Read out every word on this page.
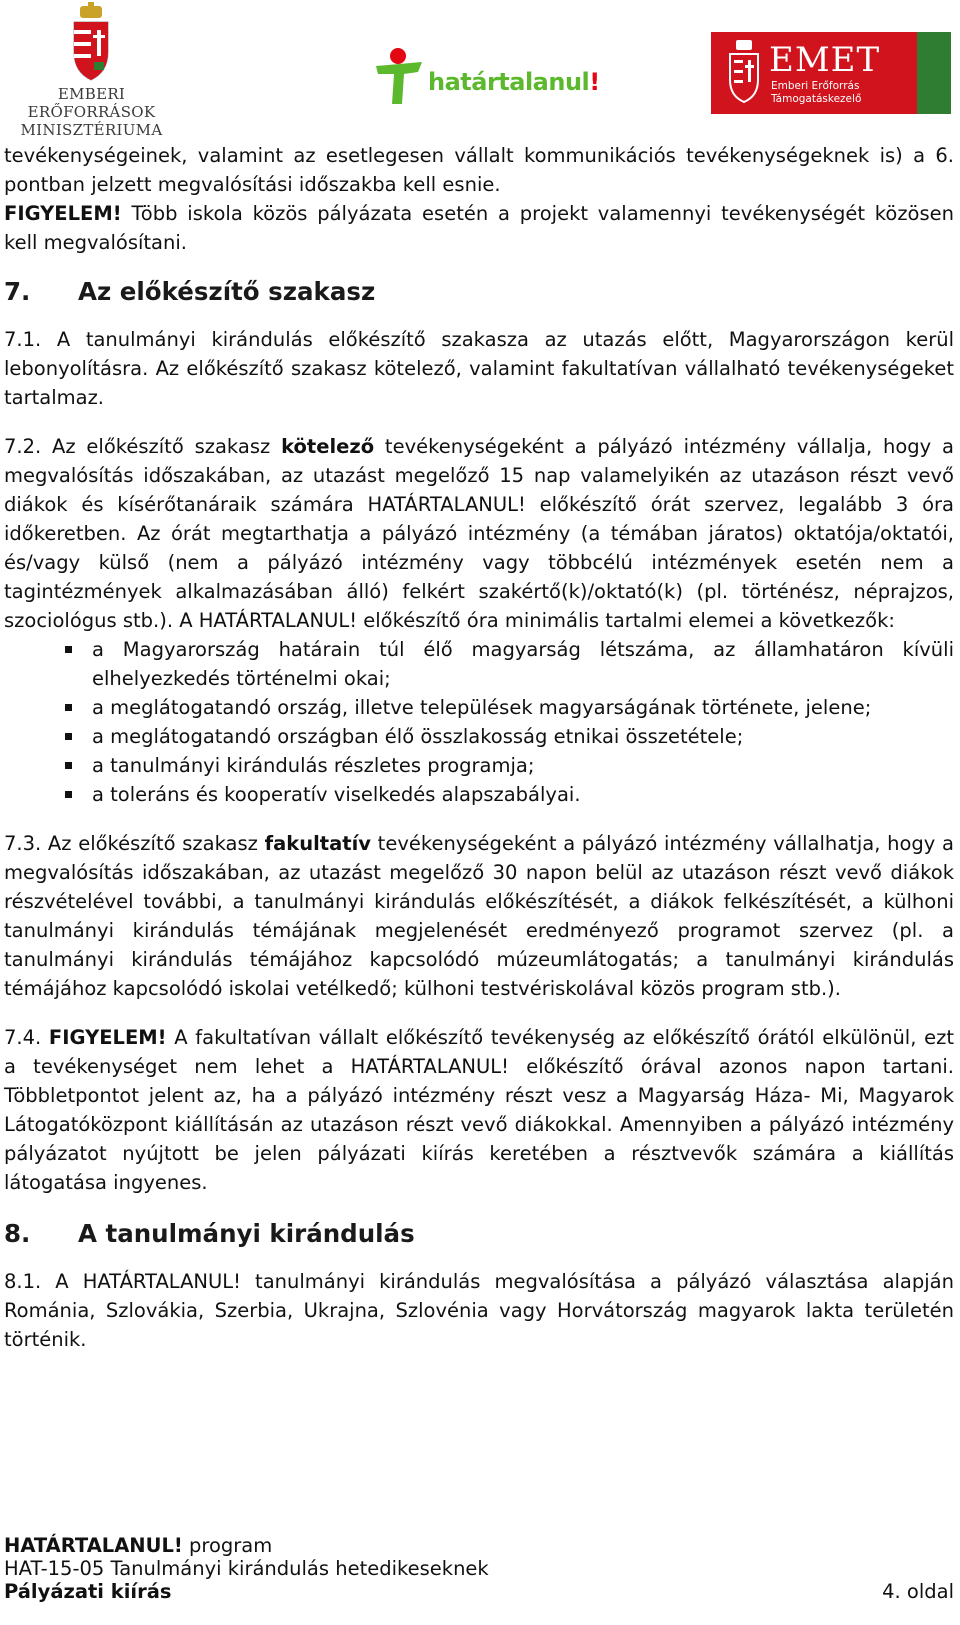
EMBERI ERŐFORRÁSOK
MINISZTÉRIUMA
határtalanul!
EMET
Emberi Erőforrás
Támogatáskezelő

tevékenységeinek, valamint az esetlegesen vállalt kommunikációs tevékenységeknek is) a 6. pontban jelzett megvalósítási időszakba kell esnie.

FIGYELEM! Több iskola közös pályázata esetén a projekt valamennyi tevékenységét közösen kell megvalósítani.

7. Az előkészítő szakasz

7.1. A tanulmányi kirándulás előkészítő szakasza az utazás előtt, Magyarországon kerül lebonyolításra. Az előkészítő szakasz kötelező, valamint fakultatívan vállalható tevékenységeket tartalmaz.

7.2. Az előkészítő szakasz kötelező tevékenységeként a pályázó intézmény vállalja, hogy a megvalósítás időszakában, az utazást megelőző 15 nap valamelyikén az utazáson részt vevő diákok és kísérőtanáraik számára HATÁRTALANUL! előkészítő órát szervez, legalább 3 óra időkeretben. Az órát megtarthatja a pályázó intézmény (a témában járatos) oktatója/oktatói, és/vagy külső (nem a pályázó intézmény vagy többcélú intézmények esetén nem a tagintézmények alkalmazásában álló) felkért szakértő(k)/oktató(k) (pl. történész, néprajzos, szociológus stb.). A HATÁRTALANUL! előkészítő óra minimális tartalmi elemei a következők:

a Magyarország határain túl élő magyarság létszáma, az államhatáron kívüli elhelyezkedés történelmi okai;
a meglátogatandó ország, illetve települések magyarságának története, jelene;
a meglátogatandó országban élő összlakosság etnikai összetétele;
a tanulmányi kirándulás részletes programja;
a toleráns és kooperatív viselkedés alapszabályai.

7.3. Az előkészítő szakasz fakultatív tevékenységeként a pályázó intézmény vállalhatja, hogy a megvalósítás időszakában, az utazást megelőző 30 napon belül az utazáson részt vevő diákok részvételével további, a tanulmányi kirándulás előkészítését, a diákok felkészítését, a külhoni tanulmányi kirándulás témájának megjelenését eredményező programot szervez (pl. a tanulmányi kirándulás témájához kapcsolódó múzeumlátogatás; a tanulmányi kirándulás témájához kapcsolódó iskolai vetélkedő; külhoni testvériskolával közös program stb.).

7.4. FIGYELEM! A fakultatívan vállalt előkészítő tevékenység az előkészítő órától elkülönül, ezt a tevékenységet nem lehet a HATÁRTALANUL! előkészítő órával azonos napon tartani. Többletpontot jelent az, ha a pályázó intézmény részt vesz a Magyarság Háza- Mi, Magyarok Látogatóközpont kiállításán az utazáson részt vevő diákokkal. Amennyiben a pályázó intézmény pályázatot nyújtott be jelen pályázati kiírás keretében a résztvevők számára a kiállítás látogatása ingyenes.

8. A tanulmányi kirándulás

8.1. A HATÁRTALANUL! tanulmányi kirándulás megvalósítása a pályázó választása alapján Románia, Szlovákia, Szerbia, Ukrajna, Szlovénia vagy Horvátország magyarok lakta területén történik.

HATÁRTALANUL! program
HAT-15-05 Tanulmányi kirándulás hetedikeseknek
Pályázati kiírás	4. oldal
